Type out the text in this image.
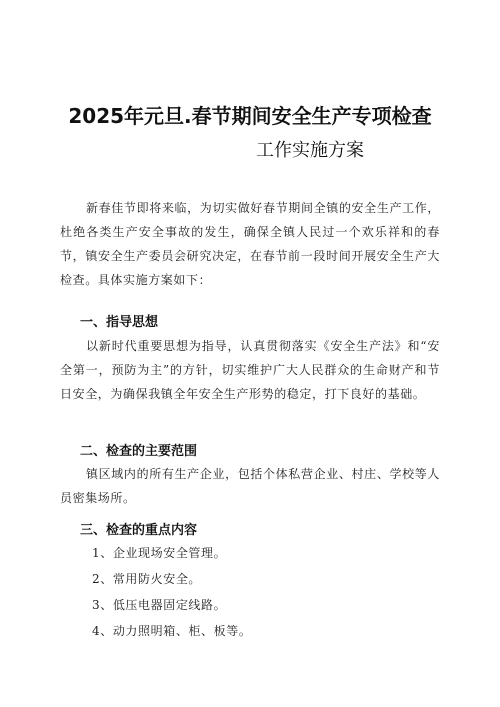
2025年元旦.春节期间安全生产专项检查
工作实施方案

新春佳节即将来临，为切实做好春节期间全镇的安全生产工作，杜绝各类生产安全事故的发生，确保全镇人民过一个欢乐祥和的春节，镇安全生产委员会研究决定，在春节前一段时间开展安全生产大检查。具体实施方案如下：

一、指导思想

以新时代重要思想为指导，认真贯彻落实《安全生产法》和“安全第一，预防为主”的方针，切实维护广大人民群众的生命财产和节日安全，为确保我镇全年安全生产形势的稳定，打下良好的基础。

二、检查的主要范围

镇区域内的所有生产企业，包括个体私营企业、村庄、学校等人员密集场所。

三、检查的重点内容
1、企业现场安全管理。
2、常用防火安全。
3、低压电器固定线路。
4、动力照明箱、柜、板等。
